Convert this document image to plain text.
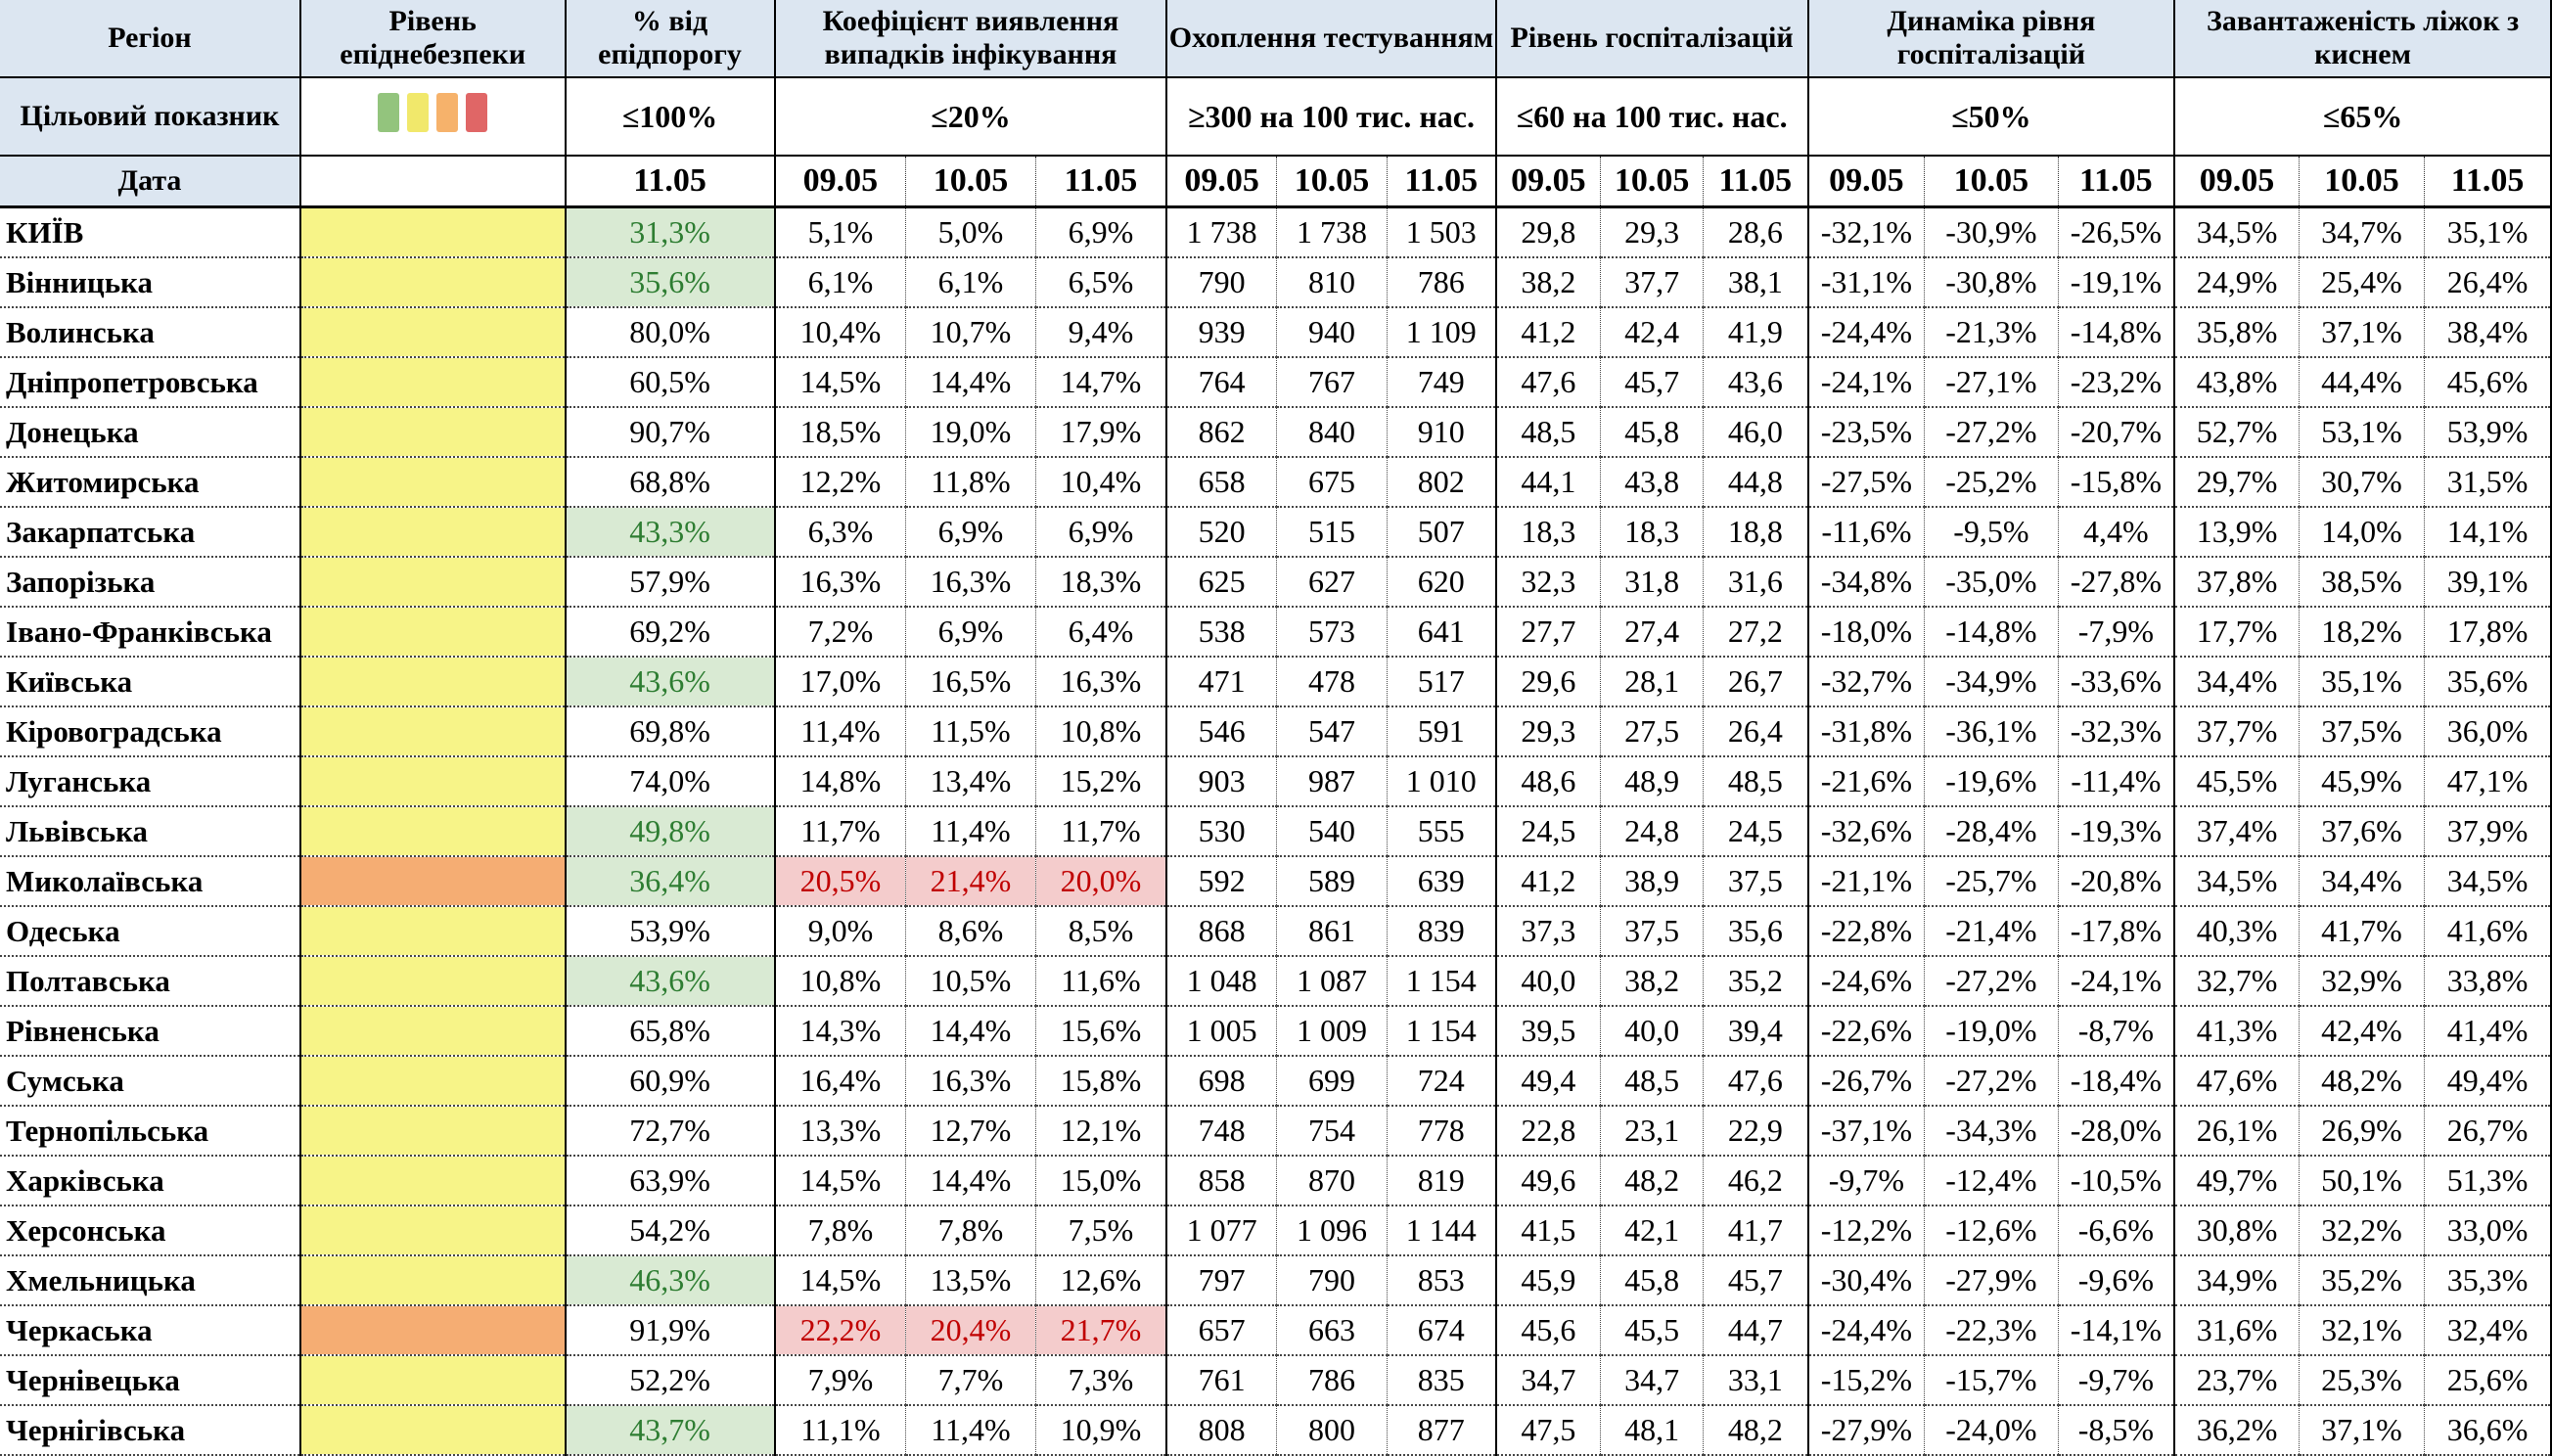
Регіон	Рівень епіднебезпеки	% від епідпорогу	Коефіцієнт виявлення випадків інфікування			Охоплення тестуванням			Рівень госпіталізацій			Динаміка рівня госпіталізацій			Завантаженість ліжок з киснем		
Цільовий показник		≤100%	≤20%			≥300 на 100 тис. нас.			≤60 на 100 тис. нас.			≤50%			≤65%		
Дата		11.05	09.05	10.05	11.05	09.05	10.05	11.05	09.05	10.05	11.05	09.05	10.05	11.05	09.05	10.05	11.05
КИЇВ		31,3%	5,1%	5,0%	6,9%	1 738	1 738	1 503	29,8	29,3	28,6	-32,1%	-30,9%	-26,5%	34,5%	34,7%	35,1%
Вінницька		35,6%	6,1%	6,1%	6,5%	790	810	786	38,2	37,7	38,1	-31,1%	-30,8%	-19,1%	24,9%	25,4%	26,4%
Волинська		80,0%	10,4%	10,7%	9,4%	939	940	1 109	41,2	42,4	41,9	-24,4%	-21,3%	-14,8%	35,8%	37,1%	38,4%
Дніпропетровська		60,5%	14,5%	14,4%	14,7%	764	767	749	47,6	45,7	43,6	-24,1%	-27,1%	-23,2%	43,8%	44,4%	45,6%
Донецька		90,7%	18,5%	19,0%	17,9%	862	840	910	48,5	45,8	46,0	-23,5%	-27,2%	-20,7%	52,7%	53,1%	53,9%
Житомирська		68,8%	12,2%	11,8%	10,4%	658	675	802	44,1	43,8	44,8	-27,5%	-25,2%	-15,8%	29,7%	30,7%	31,5%
Закарпатська		43,3%	6,3%	6,9%	6,9%	520	515	507	18,3	18,3	18,8	-11,6%	-9,5%	4,4%	13,9%	14,0%	14,1%
Запорізька		57,9%	16,3%	16,3%	18,3%	625	627	620	32,3	31,8	31,6	-34,8%	-35,0%	-27,8%	37,8%	38,5%	39,1%
Івано-Франківська		69,2%	7,2%	6,9%	6,4%	538	573	641	27,7	27,4	27,2	-18,0%	-14,8%	-7,9%	17,7%	18,2%	17,8%
Київська		43,6%	17,0%	16,5%	16,3%	471	478	517	29,6	28,1	26,7	-32,7%	-34,9%	-33,6%	34,4%	35,1%	35,6%
Кіровоградська		69,8%	11,4%	11,5%	10,8%	546	547	591	29,3	27,5	26,4	-31,8%	-36,1%	-32,3%	37,7%	37,5%	36,0%
Луганська		74,0%	14,8%	13,4%	15,2%	903	987	1 010	48,6	48,9	48,5	-21,6%	-19,6%	-11,4%	45,5%	45,9%	47,1%
Львівська		49,8%	11,7%	11,4%	11,7%	530	540	555	24,5	24,8	24,5	-32,6%	-28,4%	-19,3%	37,4%	37,6%	37,9%
Миколаївська		36,4%	20,5%	21,4%	20,0%	592	589	639	41,2	38,9	37,5	-21,1%	-25,7%	-20,8%	34,5%	34,4%	34,5%
Одеська		53,9%	9,0%	8,6%	8,5%	868	861	839	37,3	37,5	35,6	-22,8%	-21,4%	-17,8%	40,3%	41,7%	41,6%
Полтавська		43,6%	10,8%	10,5%	11,6%	1 048	1 087	1 154	40,0	38,2	35,2	-24,6%	-27,2%	-24,1%	32,7%	32,9%	33,8%
Рівненська		65,8%	14,3%	14,4%	15,6%	1 005	1 009	1 154	39,5	40,0	39,4	-22,6%	-19,0%	-8,7%	41,3%	42,4%	41,4%
Сумська		60,9%	16,4%	16,3%	15,8%	698	699	724	49,4	48,5	47,6	-26,7%	-27,2%	-18,4%	47,6%	48,2%	49,4%
Тернопільська		72,7%	13,3%	12,7%	12,1%	748	754	778	22,8	23,1	22,9	-37,1%	-34,3%	-28,0%	26,1%	26,9%	26,7%
Харківська		63,9%	14,5%	14,4%	15,0%	858	870	819	49,6	48,2	46,2	-9,7%	-12,4%	-10,5%	49,7%	50,1%	51,3%
Херсонська		54,2%	7,8%	7,8%	7,5%	1 077	1 096	1 144	41,5	42,1	41,7	-12,2%	-12,6%	-6,6%	30,8%	32,2%	33,0%
Хмельницька		46,3%	14,5%	13,5%	12,6%	797	790	853	45,9	45,8	45,7	-30,4%	-27,9%	-9,6%	34,9%	35,2%	35,3%
Черкаська		91,9%	22,2%	20,4%	21,7%	657	663	674	45,6	45,5	44,7	-24,4%	-22,3%	-14,1%	31,6%	32,1%	32,4%
Чернівецька		52,2%	7,9%	7,7%	7,3%	761	786	835	34,7	34,7	33,1	-15,2%	-15,7%	-9,7%	23,7%	25,3%	25,6%
Чернігівська		43,7%	11,1%	11,4%	10,9%	808	800	877	47,5	48,1	48,2	-27,9%	-24,0%	-8,5%	36,2%	37,1%	36,6%
